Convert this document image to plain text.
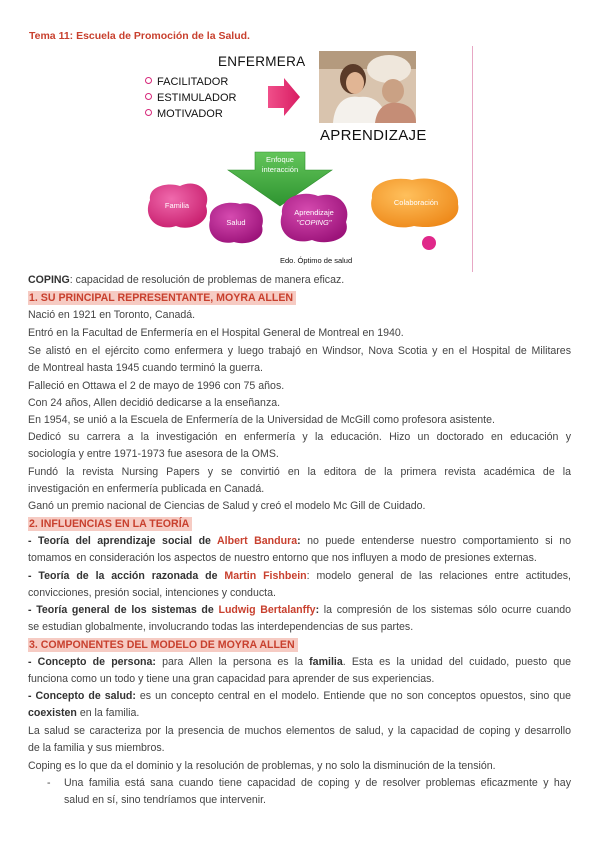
Tema 11: Escuela de Promoción de la Salud.
ENFERMERA
FACILITADOR
ESTIMULADOR
MOTIVADOR
APRENDIZAJE
Enfoque
interacción
Familia
Salud
Aprendizaje
"COPING"
Colaboración
Edo. Óptimo de salud
COPING: capacidad de resolución de problemas de manera eficaz.
1. SU PRINCIPAL REPRESENTANTE, MOYRA ALLEN
Nació en 1921 en Toronto, Canadá.
Entró en la Facultad de Enfermería en el Hospital General de Montreal en 1940.
Se alistó en el ejército como enfermera y luego trabajó en Windsor, Nova Scotia y en el Hospital de Militares
de Montreal hasta 1945 cuando terminó la guerra.
Falleció en Ottawa el 2 de mayo de 1996 con 75 años.
Con 24 años, Allen decidió dedicarse a la enseñanza.
En 1954, se unió a la Escuela de Enfermería de la Universidad de McGill como profesora asistente.
Dedicó su carrera a la investigación en enfermería y la educación. Hizo un doctorado en educación y
sociología y entre 1971-1973 fue asesora de la OMS.
Fundó la revista Nursing Papers y se convirtió en la editora de la primera revista académica de la
investigación en enfermería publicada en Canadá.
Ganó un premio nacional de Ciencias de Salud y creó el modelo Mc Gill de Cuidado.
2. INFLUENCIAS EN LA TEORÍA
- Teoría del aprendizaje social de Albert Bandura: no puede entenderse nuestro comportamiento si no
tomamos en consideración los aspectos de nuestro entorno que nos influyen a modo de presiones externas.
- Teoría de la acción razonada de Martin Fishbein: modelo general de las relaciones entre actitudes,
convicciones, presión social, intenciones y conducta.
- Teoría general de los sistemas de Ludwig Bertalanffy: la compresión de los sistemas sólo ocurre cuando
se estudian globalmente, involucrando todas las interdependencias de sus partes.
3. COMPONENTES DEL MODELO DE MOYRA ALLEN
- Concepto de persona: para Allen la persona es la familia. Esta es la unidad del cuidado, puesto que
funciona como un todo y tiene una gran capacidad para aprender de sus experiencias.
- Concepto de salud: es un concepto central en el modelo. Entiende que no son conceptos opuestos, sino que
coexisten en la familia.
La salud se caracteriza por la presencia de muchos elementos de salud, y la capacidad de coping y desarrollo
de la familia y sus miembros.
Coping es lo que da el dominio y la resolución de problemas, y no solo la disminución de la tensión.
- Una familia está sana cuando tiene capacidad de coping y de resolver problemas eficazmente y hay
salud en sí, sino tendríamos que intervenir.
